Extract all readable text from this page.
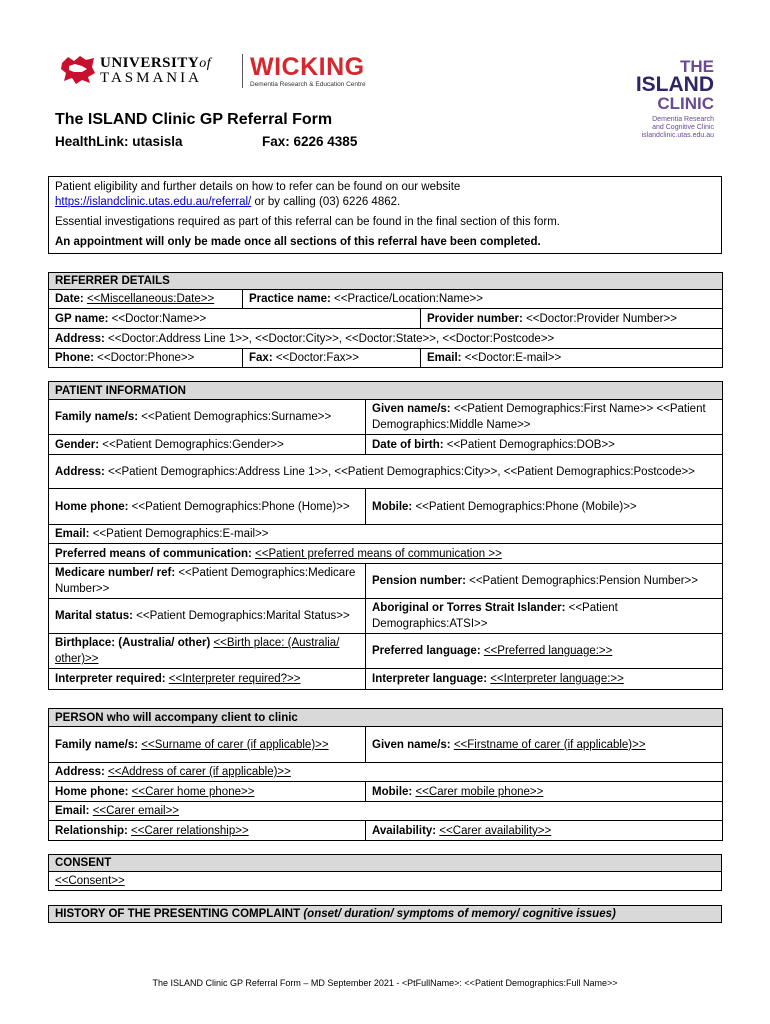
UNIVERSITYof
TASMANIA	WICKING
Dementia Research & Education Centre
THE
ISLAND
CLINIC
Dementia Research
and Cognitive Clinic
islandclinic.utas.edu.au
The ISLAND Clinic GP Referral Form
HealthLink: utasisla	Fax: 6226 4385

Patient eligibility and further details on how to refer can be found on our website
https://islandclinic.utas.edu.au/referral/ or by calling (03) 6226 4862.

Essential investigations required as part of this referral can be found in the final section of this form.

An appointment will only be made once all sections of this referral have been completed.

REFERRER DETAILS		
Date: <<Miscellaneous:Date>>	Practice name: <<Practice/Location:Name>>	
GP name: <<Doctor:Name>>		Provider number: <<Doctor:Provider Number>>
Address: <<Doctor:Address Line 1>>, <<Doctor:City>>, <<Doctor:State>>, <<Doctor:Postcode>>		
Phone: <<Doctor:Phone>>	Fax: <<Doctor:Fax>>	Email: <<Doctor:E-mail>>
PATIENT INFORMATION	
Family name/s: <<Patient Demographics:Surname>>	Given name/s: <<Patient Demographics:First Name>> <<Patient Demographics:Middle Name>>
Gender: <<Patient Demographics:Gender>>	Date of birth: <<Patient Demographics:DOB>>
Address: <<Patient Demographics:Address Line 1>>, <<Patient Demographics:City>>, <<Patient Demographics:Postcode>>	
Home phone: <<Patient Demographics:Phone (Home)>>	Mobile: <<Patient Demographics:Phone (Mobile)>>
Email: <<Patient Demographics:E-mail>>	
Preferred means of communication: <<Patient preferred means of communication >>	
Medicare number/ ref: <<Patient Demographics:Medicare Number>>	Pension number: <<Patient Demographics:Pension Number>>
Marital status: <<Patient Demographics:Marital Status>>	Aboriginal or Torres Strait Islander: <<Patient Demographics:ATSI>>
Birthplace: (Australia/ other) <<Birth place: (Australia/ other)>>	Preferred language: <<Preferred language:>>
Interpreter required: <<Interpreter required?>>	Interpreter language: <<Interpreter language:>>
PERSON who will accompany client to clinic	
Family name/s: <<Surname of carer (if applicable)>>	Given name/s: <<Firstname of carer (if applicable)>>
Address: <<Address of carer (if applicable)>>	
Home phone: <<Carer home phone>>	Mobile: <<Carer mobile phone>>
Email: <<Carer email>>	
Relationship: <<Carer relationship>>	Availability: <<Carer availability>>
CONSENT
<<Consent>>
HISTORY OF THE PRESENTING COMPLAINT (onset/ duration/ symptoms of memory/ cognitive issues)
The ISLAND Clinic GP Referral Form – MD September 2021 - <PtFullName>: <<Patient Demographics:Full Name>>
